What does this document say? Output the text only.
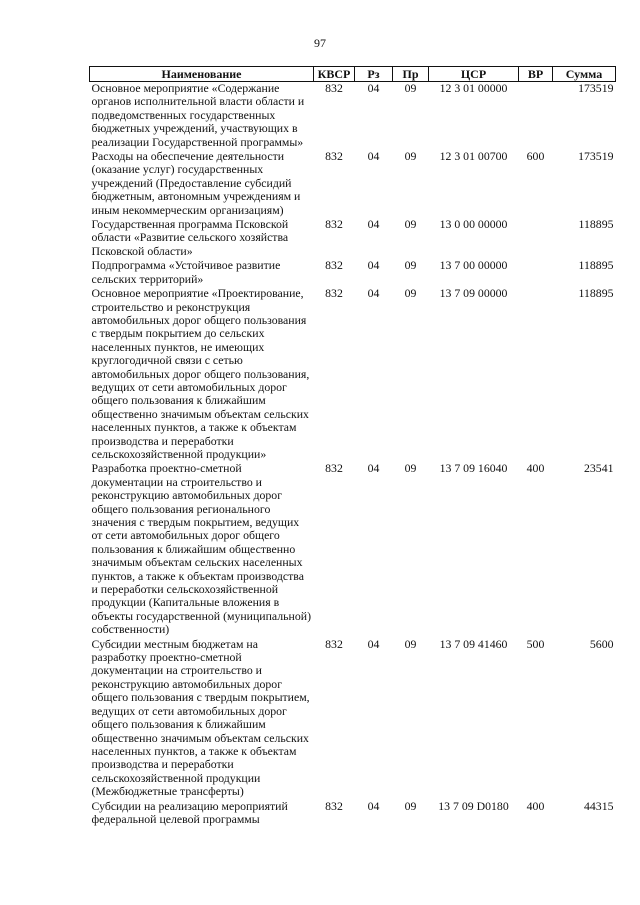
97
Наименование	КВСР	Рз	Пр	ЦСР	ВР	Сумма
Основное мероприятие «Содержание органов исполнительной власти области и подведомственных государственных бюджетных учреждений, участвующих в реализации Государственной программы»	832	04	09	12 3 01 00000		173519
Расходы на обеспечение деятельности (оказание услуг) государственных учреждений (Предоставление субсидий бюджетным, автономным учреждениям и иным некоммерческим организациям)	832	04	09	12 3 01 00700	600	173519
Государственная программа Псковской области «Развитие сельского хозяйства Псковской области»	832	04	09	13 0 00 00000		118895
Подпрограмма «Устойчивое развитие сельских территорий»	832	04	09	13 7 00 00000		118895
Основное мероприятие «Проектирование, строительство и реконструкция автомобильных дорог общего пользования с твердым покрытием до сельских населенных пунктов, не имеющих круглогодичной связи с сетью автомобильных дорог общего пользования, ведущих от сети автомобильных дорог общего пользования к ближайшим общественно значимым объектам сельских населенных пунктов, а также к объектам производства и переработки сельскохозяйственной продукции»	832	04	09	13 7 09 00000		118895
Разработка проектно-сметной документации на строительство и реконструкцию автомобильных дорог общего пользования регионального значения с твердым покрытием, ведущих от сети автомобильных дорог общего пользования к ближайшим общественно значимым объектам сельских населенных пунктов, а также к объектам производства и переработки сельскохозяйственной продукции (Капитальные вложения в объекты государственной (муниципальной) собственности)	832	04	09	13 7 09 16040	400	23541
Субсидии местным бюджетам на разработку проектно-сметной документации на строительство и реконструкцию автомобильных дорог общего пользования с твердым покрытием, ведущих от сети автомобильных дорог общего пользования к ближайшим общественно значимым объектам сельских населенных пунктов, а также к объектам производства и переработки сельскохозяйственной продукции (Межбюджетные трансферты)	832	04	09	13 7 09 41460	500	5600
Субсидии на реализацию мероприятий федеральной целевой программы	832	04	09	13 7 09 D0180	400	44315
